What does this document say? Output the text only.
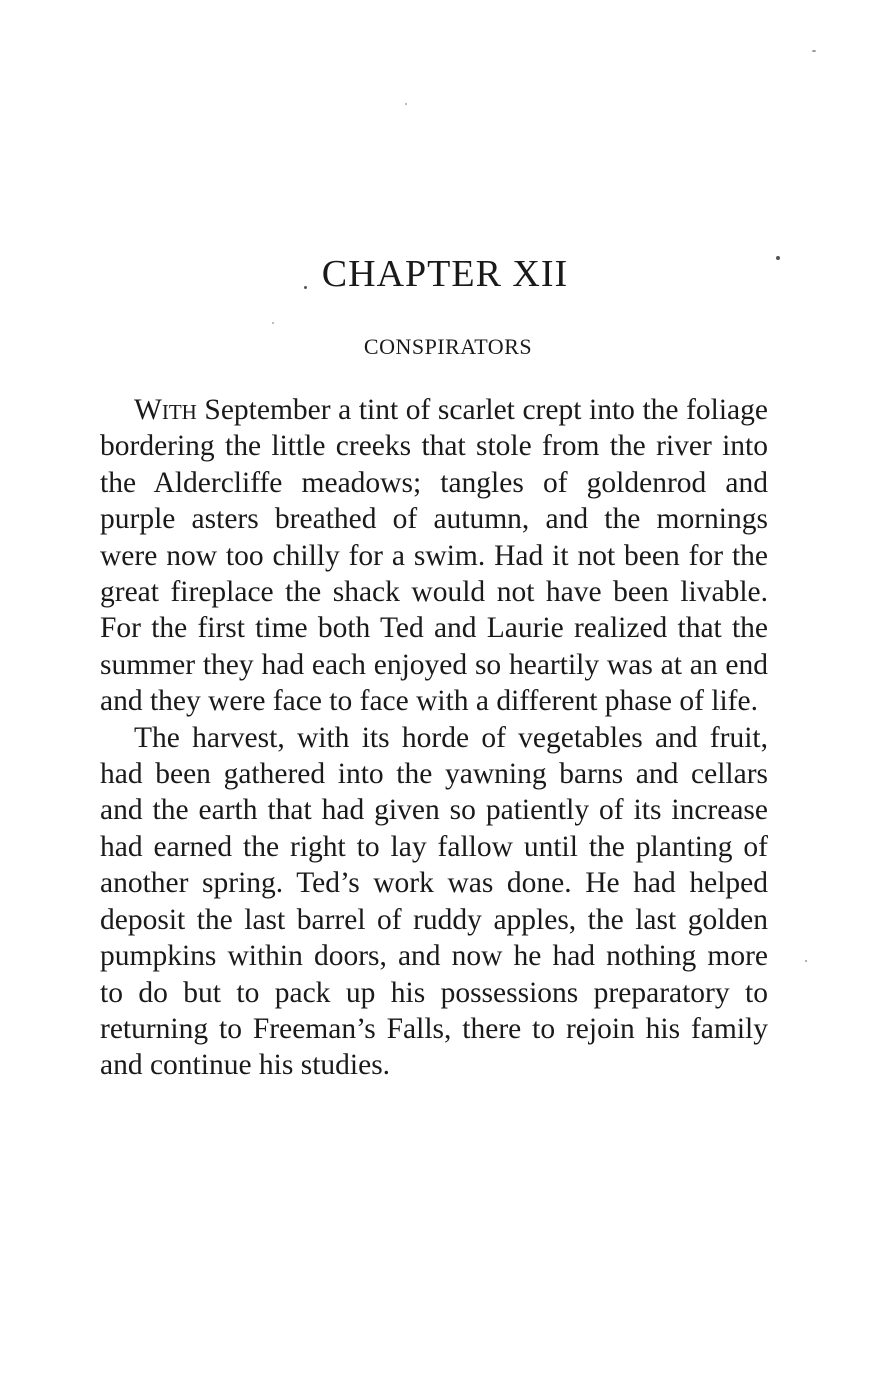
CHAPTER XII
CONSPIRATORS

With September a tint of scarlet crept into the foliage bordering the little creeks that stole from the river into the Aldercliffe meadows; tangles of goldenrod and purple asters breathed of autumn, and the mornings were now too chilly for a swim. Had it not been for the great fireplace the shack would not have been livable. For the first time both Ted and Laurie realized that the summer they had each enjoyed so heartily was at an end and they were face to face with a different phase of life.

The harvest, with its horde of vegetables and fruit, had been gathered into the yawning barns and cellars and the earth that had given so patiently of its increase had earned the right to lay fallow until the planting of another spring. Ted’s work was done. He had helped deposit the last barrel of ruddy apples, the last golden pumpkins within doors, and now he had nothing more to do but to pack up his possessions preparatory to returning to Freeman’s Falls, there to rejoin his family and continue his studies.
